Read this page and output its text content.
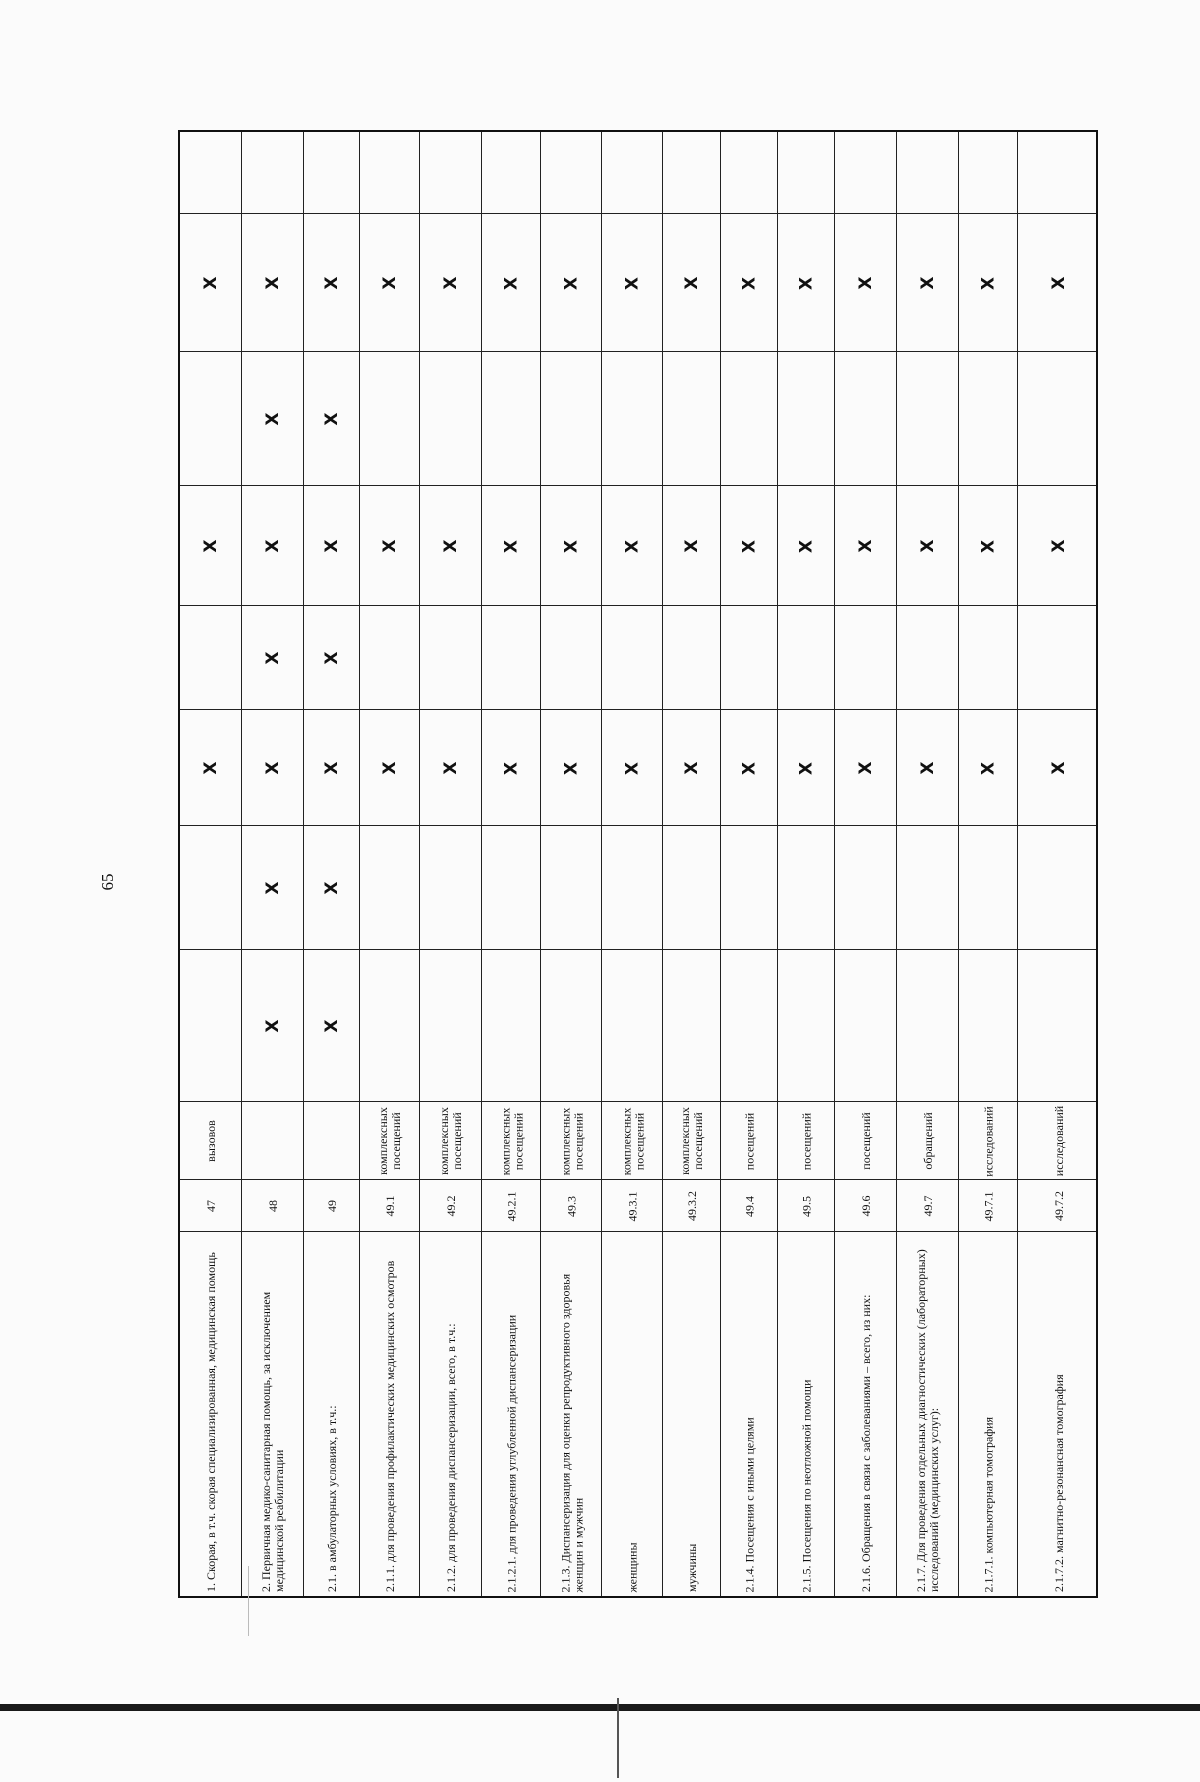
65
1. Скорая, в т.ч. скорая специализированная, медицинская помощь
47
вызовов
X
X
X
2. Первичная медико-санитарная помощь, за исключением медицинской реабилитации
48
X
X
X
X
X
X
X
2.1. в амбулаторных условиях, в т.ч.:
49
X
X
X
X
X
X
X
2.1.1. для проведения профилактических медицинских осмотров
49.1
комплексных посещений
X
X
X
2.1.2. для проведения диспансеризации, всего, в т.ч.:
49.2
комплексных посещений
X
X
X
2.1.2.1. для проведения углубленной диспансеризации
49.2.1
комплексных посещений
X
X
X
2.1.3. Диспансеризация для оценки репродуктивного здоровья женщин и мужчин
49.3
комплексных посещений
X
X
X
женщины
49.3.1
комплексных посещений
X
X
X
мужчины
49.3.2
комплексных посещений
X
X
X
2.1.4. Посещения с иными целями
49.4
посещений
X
X
X
2.1.5. Посещения по неотложной помощи
49.5
посещений
X
X
X
2.1.6. Обращения в связи с заболеваниями – всего, из них:
49.6
посещений
X
X
X
2.1.7. Для проведения отдельных диагностических (лабораторных) исследований (медицинских услуг):
49.7
обращений
X
X
X
2.1.7.1. компьютерная томография
49.7.1
исследований
X
X
X
2.1.7.2. магнитно-резонансная томография
49.7.2
исследований
X
X
X
